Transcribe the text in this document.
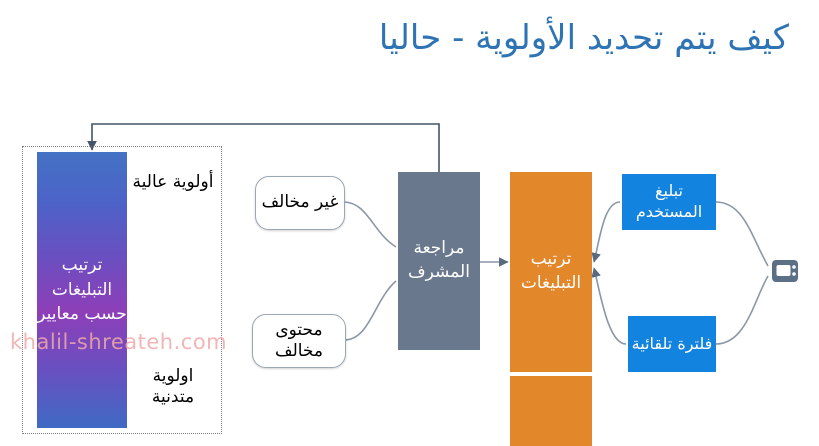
كيف يتم تحديد الأولوية - حاليا
ترتيب التبليغات حسب معايير
أولوية عالية
اولوية متدنية
غير مخالف
محتوى مخالف
مراجعة المشرف
ترتيب التبليغات
تبليغ المستخدم
فلترة تلقائية
khalil-shreateh.com
